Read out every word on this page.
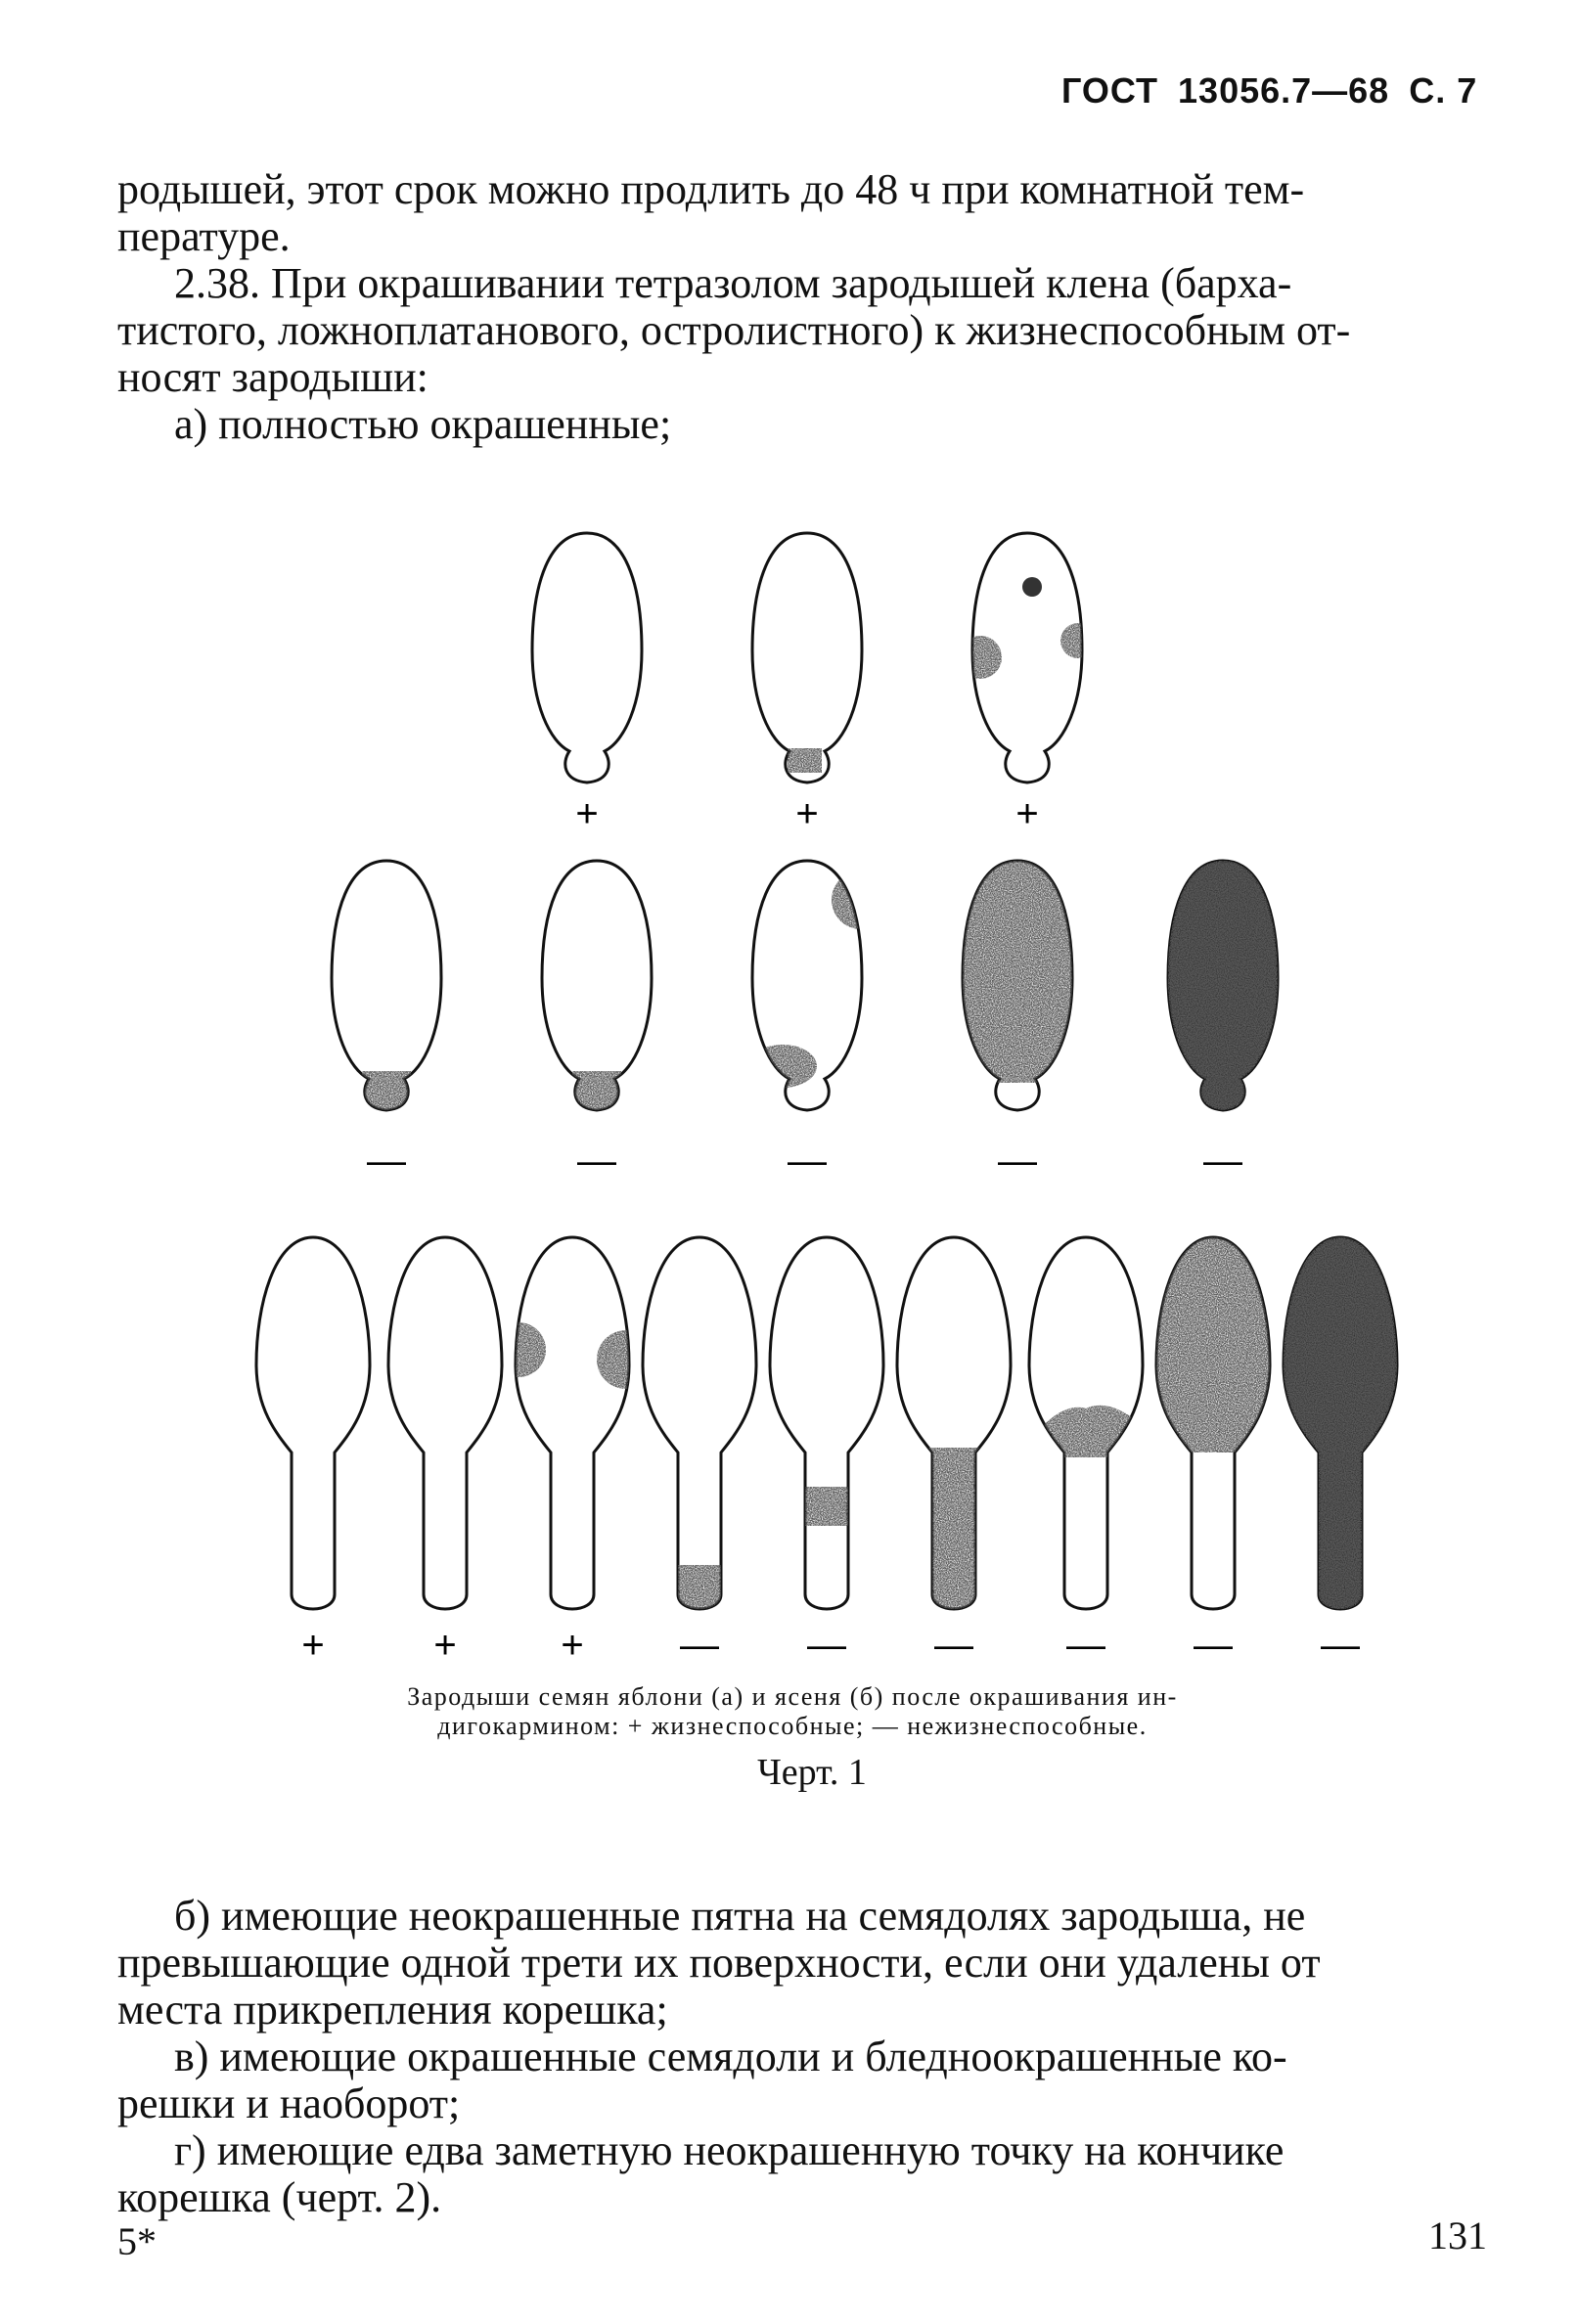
ГОСТ 13056.7—68 С. 7
родышей, этот срок можно продлить до 48 ч при комнатной тем-
пературе.
2.38. При окрашивании тетразолом зародышей клена (барха-
тистого, ложноплатанового, остролистного) к жизнеспособным от-
носят зародыши:
а) полностью окрашенные;
+	+	+
—	—	—	—	—
+	+	+ — — — — — —
Зародыши семян яблони (а) и ясеня (б) после окрашивания ин-
дигокармином: + жизнеспособные; — нежизнеспособные.
Черт. 1
б) имеющие неокрашенные пятна на семядолях зародыша, не
превышающие одной трети их поверхности, если они удалены от
места прикрепления корешка;
в) имеющие окрашенные семядоли и бледноокрашенные ко-
решки и наоборот;
г) имеющие едва заметную неокрашенную точку на кончике
корешка (черт. 2).
5*	131
